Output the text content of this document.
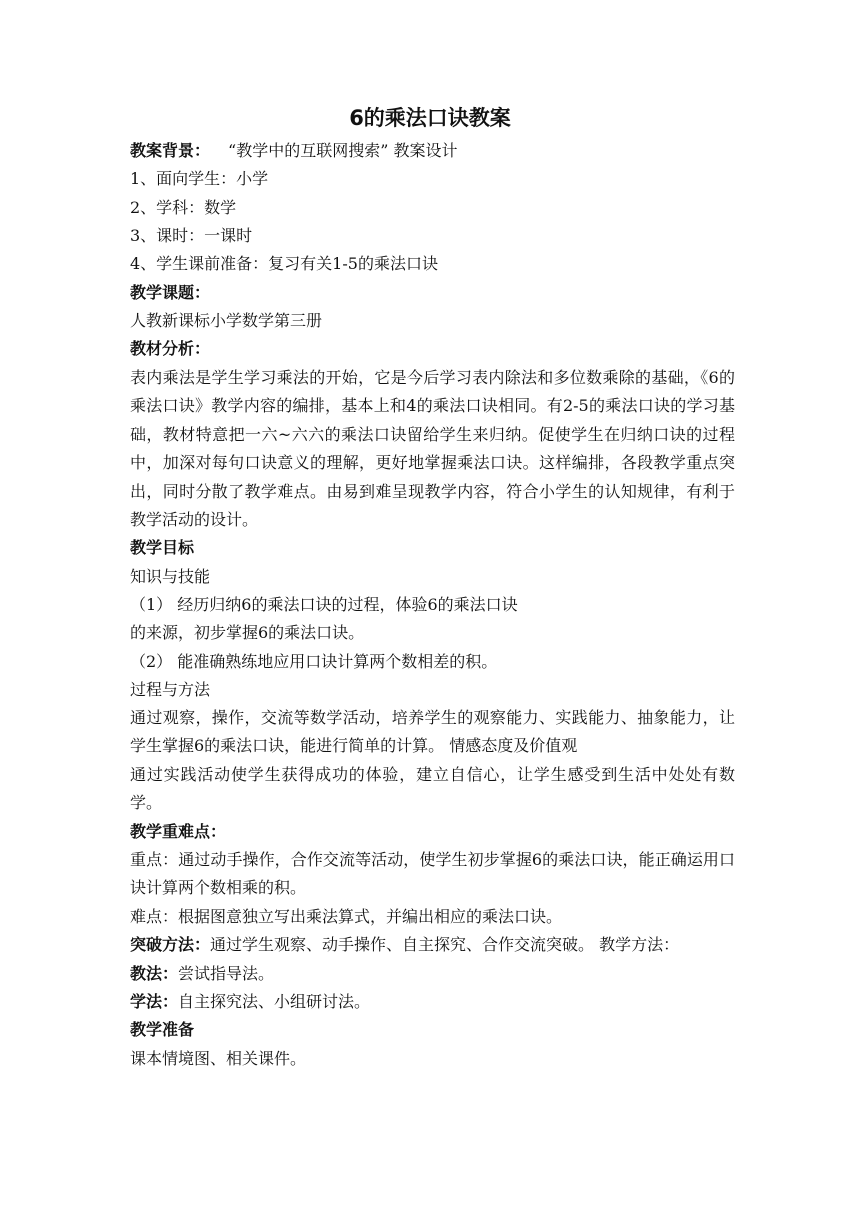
6的乘法口诀教案
教案背景： “教学中的互联网搜索” 教案设计
1、面向学生：小学
2、学科：数学
3、课时：一课时
4、学生课前准备：复习有关1-5的乘法口诀
教学课题：
人教新课标小学数学第三册
教材分析：
表内乘法是学生学习乘法的开始，它是今后学习表内除法和多位数乘除的基础，《6的乘法口诀》教学内容的编排，基本上和4的乘法口诀相同。有2-5的乘法口诀的学习基础，教材特意把一六~六六的乘法口诀留给学生来归纳。促使学生在归纳口诀的过程中，加深对每句口诀意义的理解，更好地掌握乘法口诀。这样编排，各段教学重点突出，同时分散了教学难点。由易到难呈现教学内容，符合小学生的认知规律，有利于教学活动的设计。
教学目标
知识与技能
（1） 经历归纳6的乘法口诀的过程，体验6的乘法口诀
的来源，初步掌握6的乘法口诀。
（2） 能准确熟练地应用口诀计算两个数相差的积。
过程与方法
通过观察，操作，交流等数学活动，培养学生的观察能力、实践能力、抽象能力，让学生掌握6的乘法口诀，能进行简单的计算。 情感态度及价值观
通过实践活动使学生获得成功的体验，建立自信心，让学生感受到生活中处处有数学。
教学重难点：
重点：通过动手操作，合作交流等活动，使学生初步掌握6的乘法口诀，能正确运用口诀计算两个数相乘的积。
难点：根据图意独立写出乘法算式，并编出相应的乘法口诀。
突破方法：通过学生观察、动手操作、自主探究、合作交流突破。 教学方法：
教法：尝试指导法。
学法：自主探究法、小组研讨法。
教学准备
课本情境图、相关课件。
